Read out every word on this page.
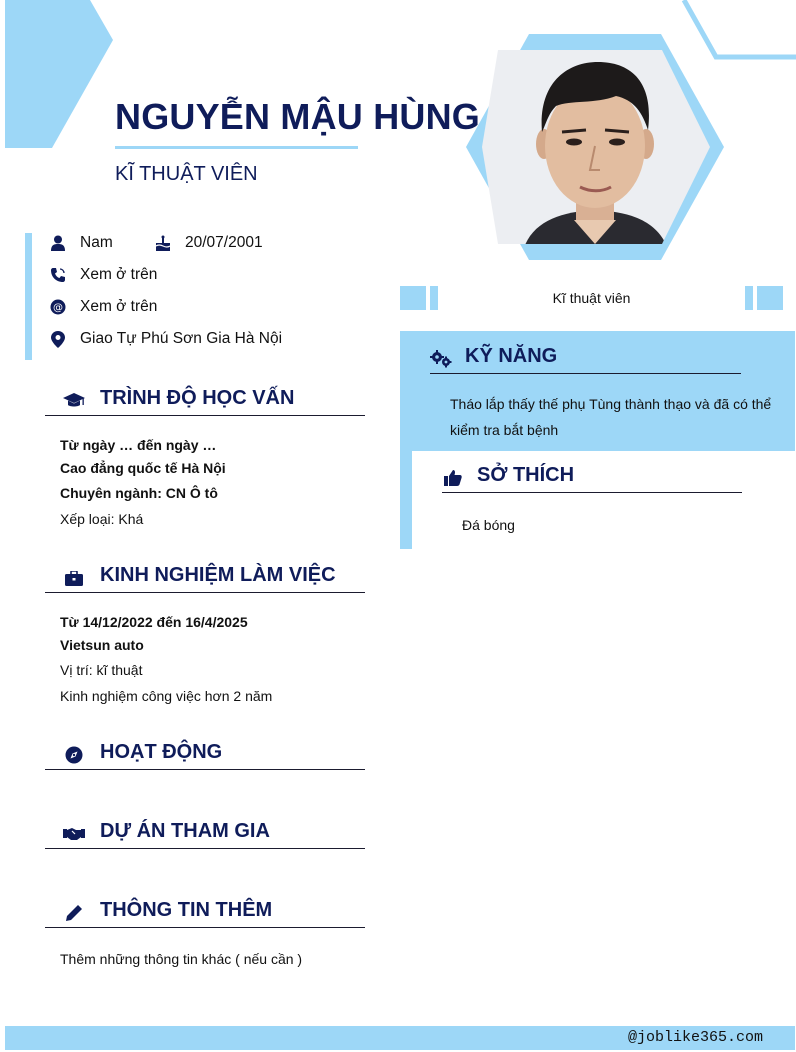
NGUYỄN MẬU HÙNG
KĨ THUẬT VIÊN
Nam	20/07/2001
Xem ở trên
@ Xem ở trên
Giao Tự Phú Sơn Gia Hà Nội
TRÌNH ĐỘ HỌC VẤN
Từ ngày … đến ngày …
Cao đẳng quốc tế Hà Nội
Chuyên ngành: CN Ô tô
Xếp loại: Khá
KINH NGHIỆM LÀM VIỆC
Từ 14/12/2022 đến 16/4/2025
Vietsun auto
Vị trí: kĩ thuật
Kinh nghiệm công việc hơn 2 năm
HOẠT ĐỘNG
DỰ ÁN THAM GIA
THÔNG TIN THÊM
Thêm những thông tin khác ( nếu cần )
Kĩ thuật viên
KỸ NĂNG
Tháo lắp thấy thế phụ Tùng thành thạo và đã có thể kiểm tra bắt bệnh
SỞ THÍCH
Đá bóng
@joblike365.com
